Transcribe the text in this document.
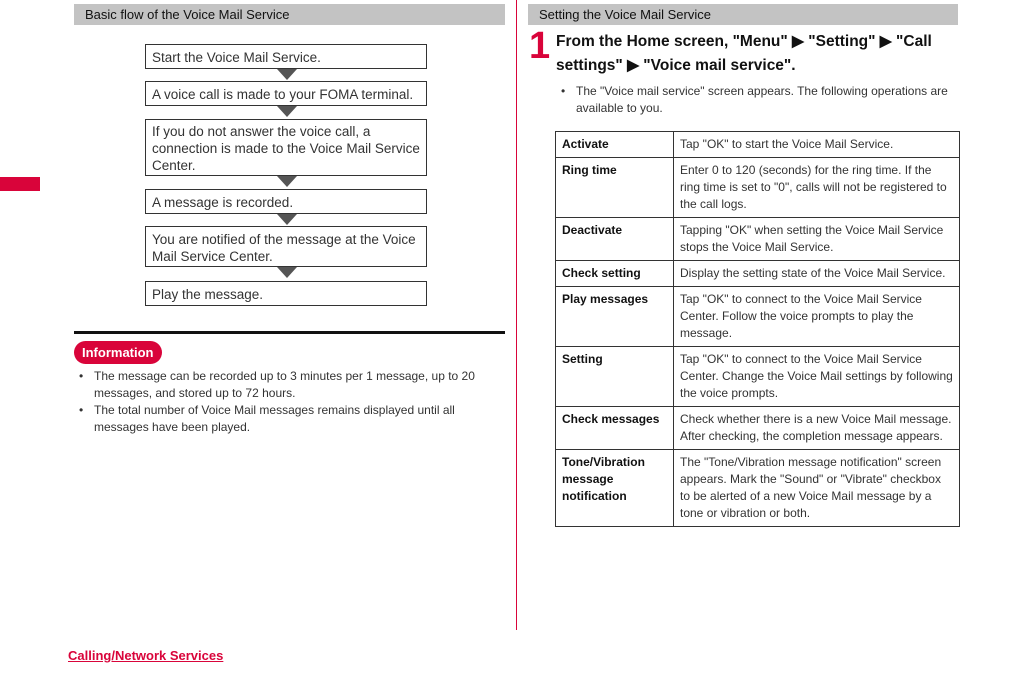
Basic flow of the Voice Mail Service
Start the Voice Mail Service.
A voice call is made to your FOMA terminal.
If you do not answer the voice call, a connection is made to the Voice Mail Service Center.
A message is recorded.
You are notified of the message at the Voice Mail Service Center.
Play the message.
Information
• The message can be recorded up to 3 minutes per 1 message, up to 20 messages, and stored up to 72 hours.
• The total number of Voice Mail messages remains displayed until all messages have been played.
Setting the Voice Mail Service
1 From the Home screen, "Menu" ▶ "Setting" ▶ "Call settings" ▶ "Voice mail service".
• The "Voice mail service" screen appears. The following operations are available to you.
Activate	Tap "OK" to start the Voice Mail Service.
Ring time	Enter 0 to 120 (seconds) for the ring time. If the ring time is set to "0", calls will not be registered to the call logs.
Deactivate	Tapping "OK" when setting the Voice Mail Service stops the Voice Mail Service.
Check setting	Display the setting state of the Voice Mail Service.
Play messages	Tap "OK" to connect to the Voice Mail Service Center. Follow the voice prompts to play the message.
Setting	Tap "OK" to connect to the Voice Mail Service Center. Change the Voice Mail settings by following the voice prompts.
Check messages	Check whether there is a new Voice Mail message. After checking, the completion message appears.
Tone/Vibration message notification	The "Tone/Vibration message notification" screen appears. Mark the "Sound" or "Vibrate" checkbox to be alerted of a new Voice Mail message by a tone or vibration or both.
Calling/Network Services
